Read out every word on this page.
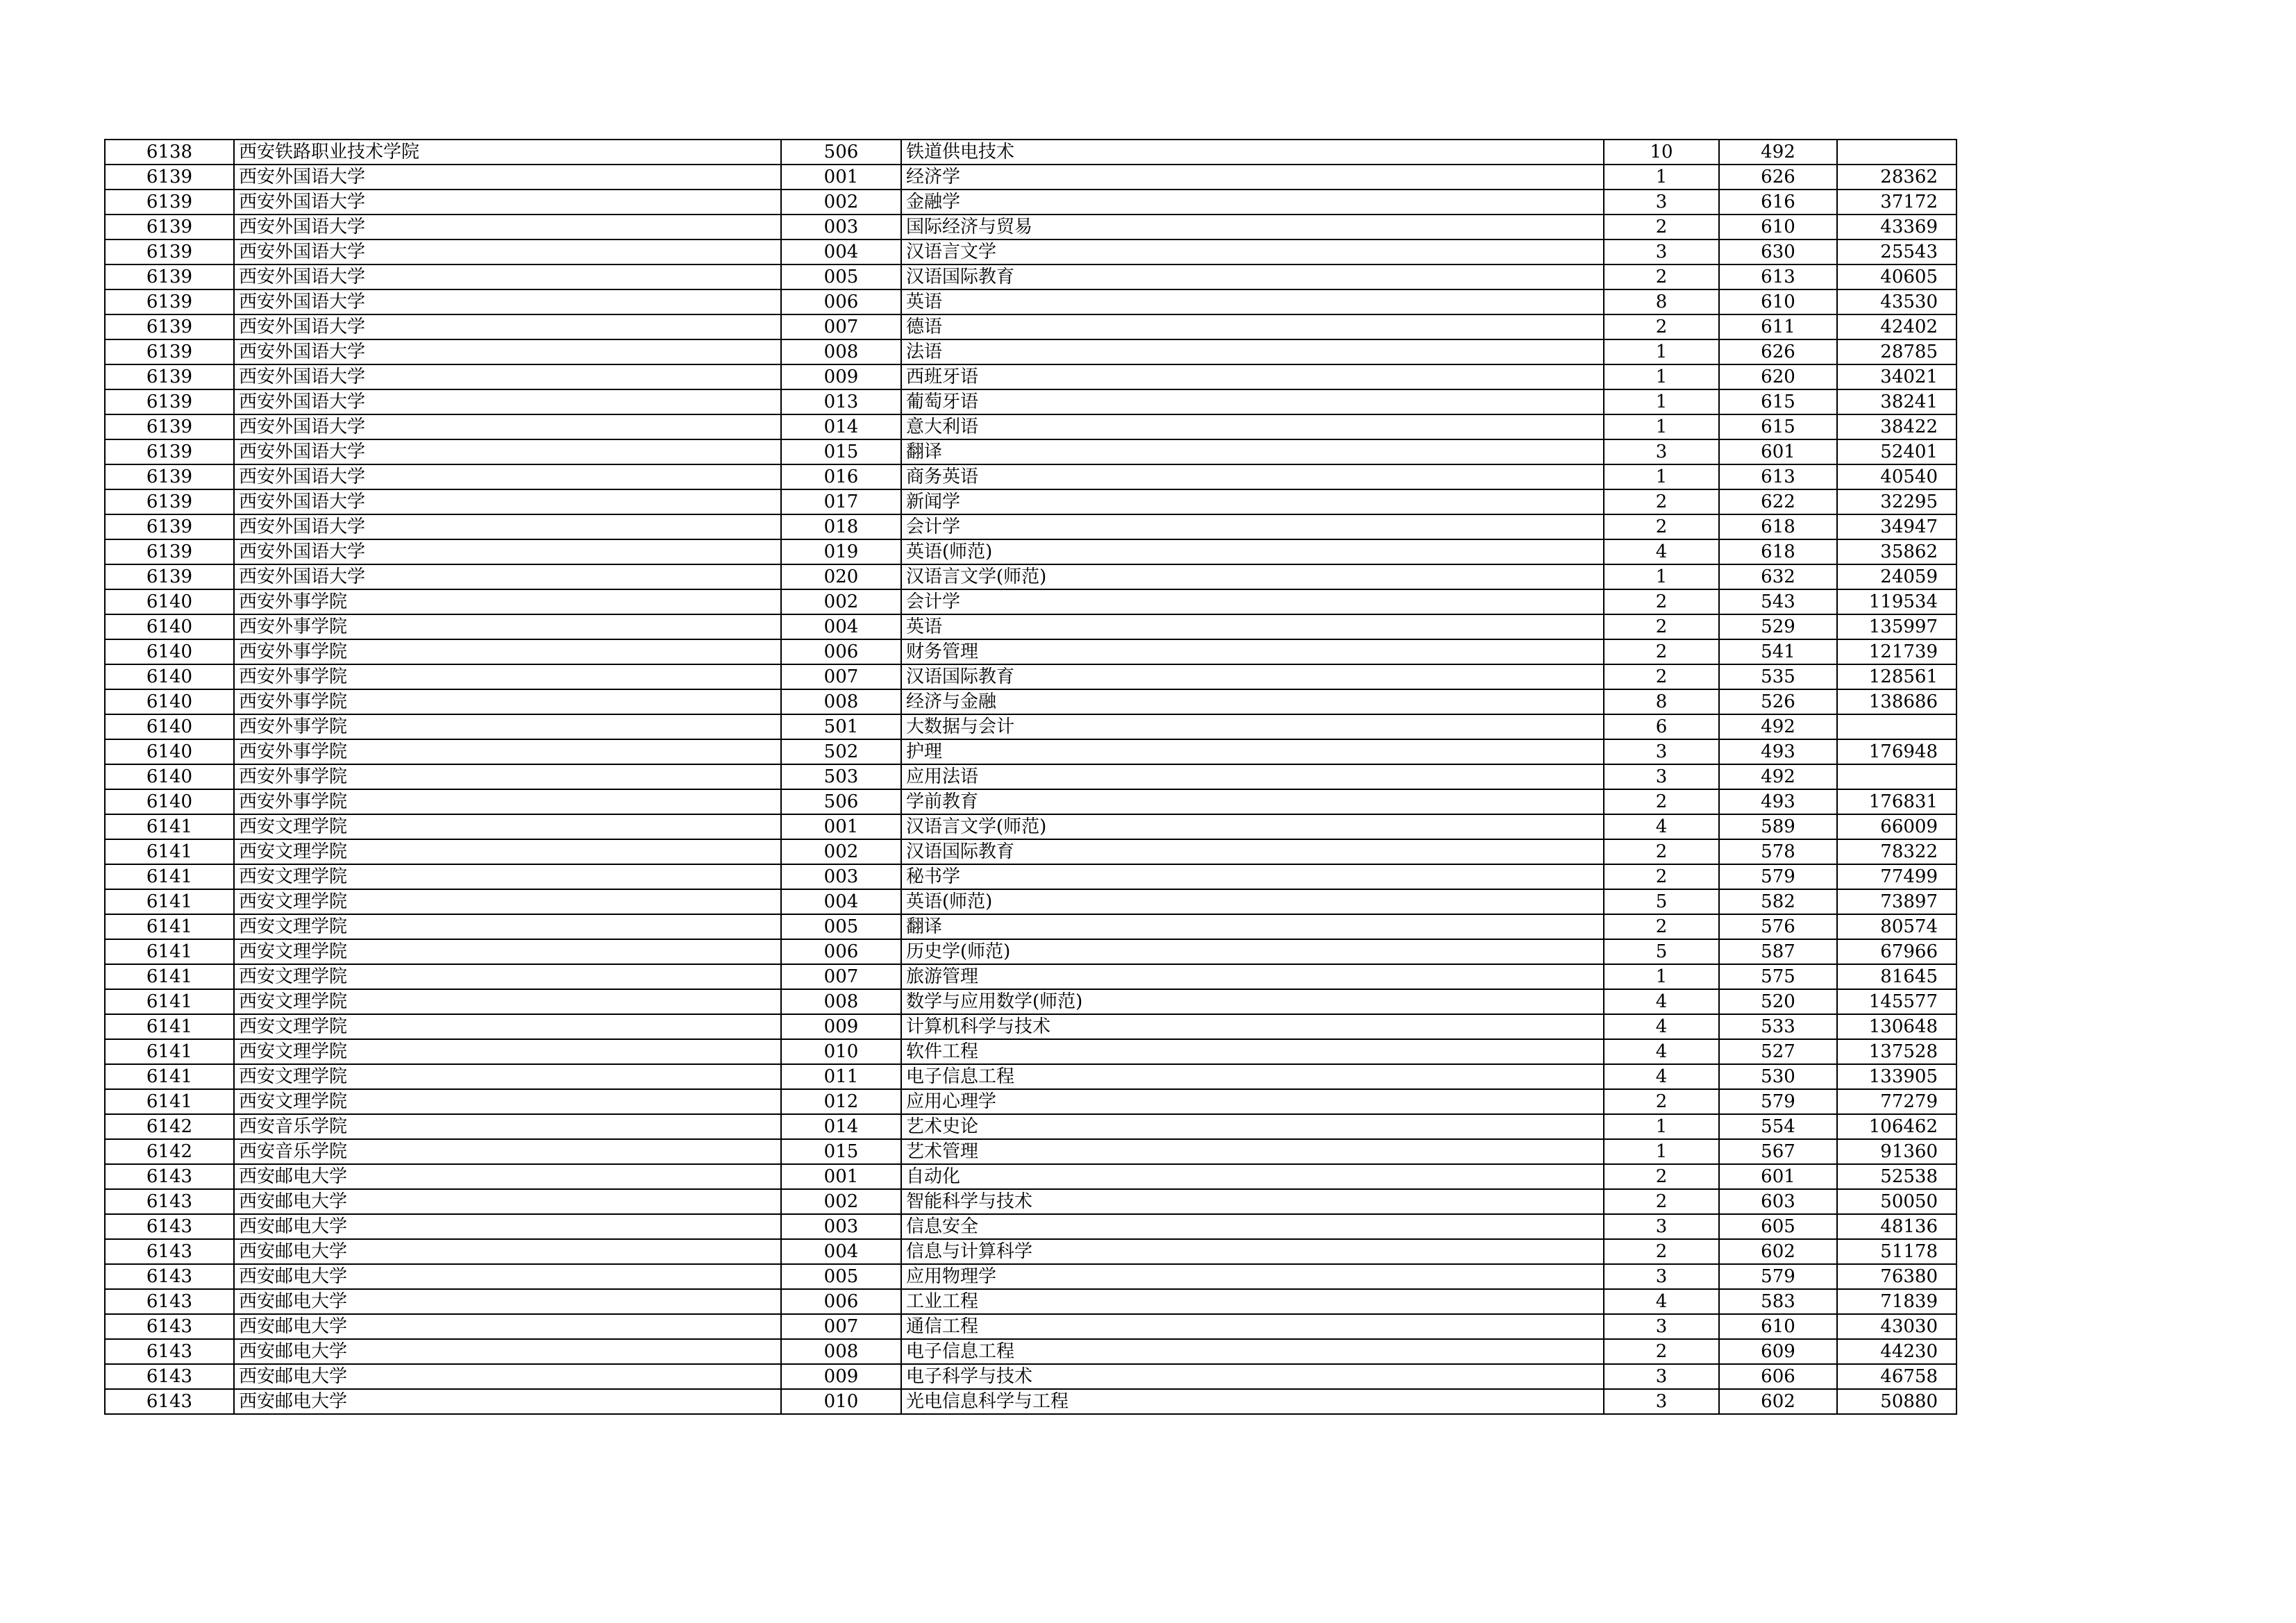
6138	西安铁路职业技术学院	506	铁道供电技术	10	492	
6139	西安外国语大学	001	经济学	1	626	28362
6139	西安外国语大学	002	金融学	3	616	37172
6139	西安外国语大学	003	国际经济与贸易	2	610	43369
6139	西安外国语大学	004	汉语言文学	3	630	25543
6139	西安外国语大学	005	汉语国际教育	2	613	40605
6139	西安外国语大学	006	英语	8	610	43530
6139	西安外国语大学	007	德语	2	611	42402
6139	西安外国语大学	008	法语	1	626	28785
6139	西安外国语大学	009	西班牙语	1	620	34021
6139	西安外国语大学	013	葡萄牙语	1	615	38241
6139	西安外国语大学	014	意大利语	1	615	38422
6139	西安外国语大学	015	翻译	3	601	52401
6139	西安外国语大学	016	商务英语	1	613	40540
6139	西安外国语大学	017	新闻学	2	622	32295
6139	西安外国语大学	018	会计学	2	618	34947
6139	西安外国语大学	019	英语(师范)	4	618	35862
6139	西安外国语大学	020	汉语言文学(师范)	1	632	24059
6140	西安外事学院	002	会计学	2	543	119534
6140	西安外事学院	004	英语	2	529	135997
6140	西安外事学院	006	财务管理	2	541	121739
6140	西安外事学院	007	汉语国际教育	2	535	128561
6140	西安外事学院	008	经济与金融	8	526	138686
6140	西安外事学院	501	大数据与会计	6	492	
6140	西安外事学院	502	护理	3	493	176948
6140	西安外事学院	503	应用法语	3	492	
6140	西安外事学院	506	学前教育	2	493	176831
6141	西安文理学院	001	汉语言文学(师范)	4	589	66009
6141	西安文理学院	002	汉语国际教育	2	578	78322
6141	西安文理学院	003	秘书学	2	579	77499
6141	西安文理学院	004	英语(师范)	5	582	73897
6141	西安文理学院	005	翻译	2	576	80574
6141	西安文理学院	006	历史学(师范)	5	587	67966
6141	西安文理学院	007	旅游管理	1	575	81645
6141	西安文理学院	008	数学与应用数学(师范)	4	520	145577
6141	西安文理学院	009	计算机科学与技术	4	533	130648
6141	西安文理学院	010	软件工程	4	527	137528
6141	西安文理学院	011	电子信息工程	4	530	133905
6141	西安文理学院	012	应用心理学	2	579	77279
6142	西安音乐学院	014	艺术史论	1	554	106462
6142	西安音乐学院	015	艺术管理	1	567	91360
6143	西安邮电大学	001	自动化	2	601	52538
6143	西安邮电大学	002	智能科学与技术	2	603	50050
6143	西安邮电大学	003	信息安全	3	605	48136
6143	西安邮电大学	004	信息与计算科学	2	602	51178
6143	西安邮电大学	005	应用物理学	3	579	76380
6143	西安邮电大学	006	工业工程	4	583	71839
6143	西安邮电大学	007	通信工程	3	610	43030
6143	西安邮电大学	008	电子信息工程	2	609	44230
6143	西安邮电大学	009	电子科学与技术	3	606	46758
6143	西安邮电大学	010	光电信息科学与工程	3	602	50880
